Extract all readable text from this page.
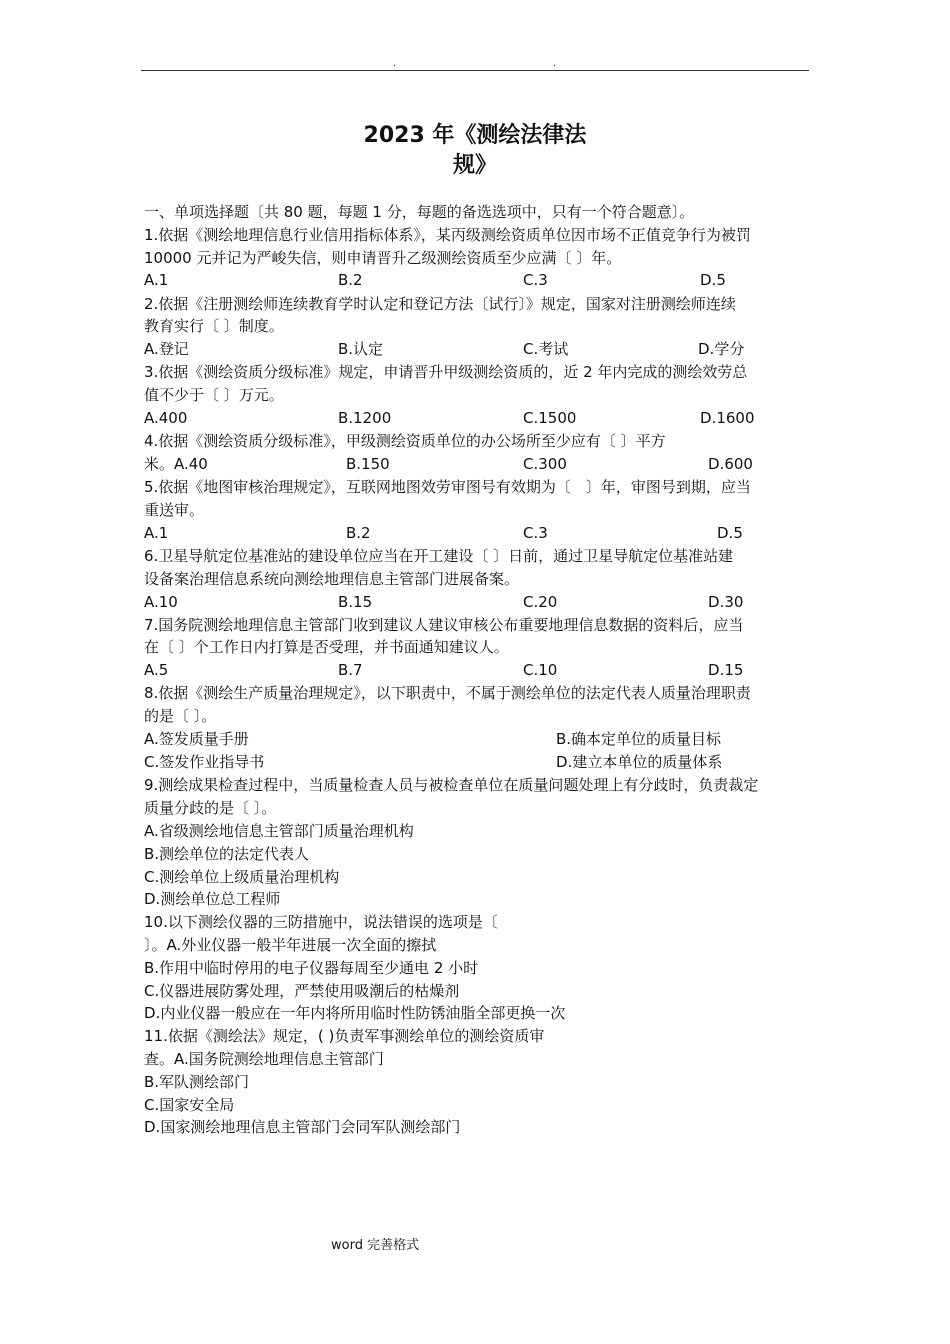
.	.
2023 年《测绘法律法
规》
一、单项选择题〔共 80 题，每题 1 分，每题的备选选项中，只有一个符合题意〕。
1.依据《测绘地理信息行业信用指标体系》，某丙级测绘资质单位因市场不正值竞争行为被罚
10000 元并记为严峻失信，则申请晋升乙级测绘资质至少应满〔 〕年。
A.1	B.2	C.3	D.5
2.依据《注册测绘师连续教育学时认定和登记方法〔试行〕》规定，国家对注册测绘师连续
教育实行〔 〕制度。
A.登记	B.认定	C.考试	D.学分
3.依据《测绘资质分级标准》规定，申请晋升甲级测绘资质的，近 2 年内完成的测绘效劳总
值不少于〔 〕万元。
A.400	B.1200	C.1500	D.1600
4.依据《测绘资质分级标准》，甲级测绘资质单位的办公场所至少应有〔 〕平方
米。A.40	B.150	C.300	D.600
5.依据《地图审核治理规定》，互联网地图效劳审图号有效期为〔　〕年，审图号到期，应当
重送审。
A.1	B.2	C.3	D.5
6.卫星导航定位基准站的建设单位应当在开工建设〔 〕日前，通过卫星导航定位基准站建
设备案治理信息系统向测绘地理信息主管部门进展备案。
A.10	B.15	C.20	D.30
7.国务院测绘地理信息主管部门收到建议人建议审核公布重要地理信息数据的资料后，应当
在〔 〕个工作日内打算是否受理，并书面通知建议人。
A.5	B.7	C.10	D.15
8.依据《测绘生产质量治理规定》，以下职责中，不属于测绘单位的法定代表人质量治理职责
的是〔 〕。
A.签发质量手册	B.确本定单位的质量目标
C.签发作业指导书	D.建立本单位的质量体系
9.测绘成果检查过程中，当质量检查人员与被检查单位在质量问题处理上有分歧时，负责裁定
质量分歧的是〔 〕。
A.省级测绘地信息主管部门质量治理机构
B.测绘单位的法定代表人
C.测绘单位上级质量治理机构
D.测绘单位总工程师
10.以下测绘仪器的三防措施中，说法错误的选项是〔
〕。A.外业仪器一般半年进展一次全面的擦拭
B.作用中临时停用的电子仪器每周至少通电 2 小时
C.仪器进展防雾处理，严禁使用吸潮后的枯燥剂
D.内业仪器一般应在一年内将所用临时性防锈油脂全部更换一次
11.依据《测绘法》规定，( )负责军事测绘单位的测绘资质审
查。A.国务院测绘地理信息主管部门
B.军队测绘部门
C.国家安全局
D.国家测绘地理信息主管部门会同军队测绘部门
word 完善格式
